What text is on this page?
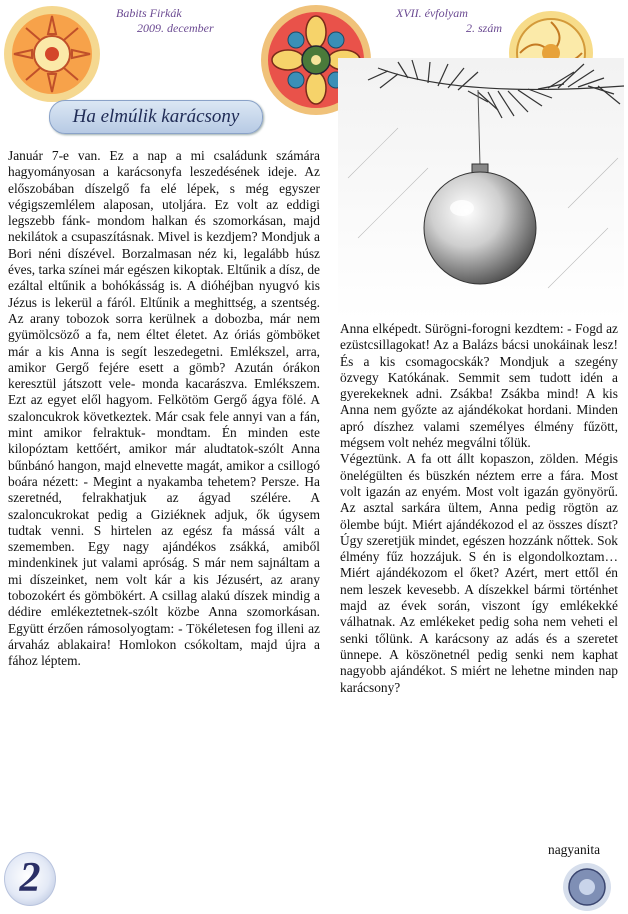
Babits Firkák
2009. december
XVII. évfolyam
2. szám
Ha elmúlik karácsony

Január 7-e van. Ez a nap a mi családunk számára hagyományosan a karácsonyfa leszedésének ideje. Az előszobában díszelgő fa elé lépek, s még egyszer végigszemlélem alaposan, utoljára. Ez volt az eddigi legszebb fánk- mondom halkan és szomorkásan, majd nekilátok a csupaszításnak. Mivel is kezdjem? Mondjuk a Bori néni díszével. Borzalmasan néz ki, legalább húsz éves, tarka színei már egészen kikoptak. Eltűnik a dísz, de ezáltal eltűnik a bohókásság is. A dióhéjban nyugvó kis Jézus is lekerül a fáról. Eltűnik a meghittség, a szentség. Az arany tobozok sorra kerülnek a dobozba, már nem gyümölcsöző a fa, nem éltet életet. Az óriás gömböket már a kis Anna is segít leszedegetni. Emlékszel, arra, amikor Gergő fejére esett a gömb? Azután órákon keresztül játszott vele- monda kacarászva. Emlékszem. Ezt az egyet elől hagyom. Felkötöm Gergő ágya fölé. A szaloncukrok következtek. Már csak fele annyi van a fán, mint amikor felraktuk- mondtam. Én minden este kilopóztam kettőért, amikor már aludtatok-szólt Anna bűnbánó hangon, majd elnevette magát, amikor a csillogó boára nézett: - Megint a nyakamba tehetem? Persze. Ha szeretnéd, felrakhatjuk az ágyad szélére. A szaloncukrokat pedig a Giziéknek adjuk, ők úgysem tudtak venni. S hirtelen az egész fa mássá vált a szememben. Egy nagy ajándékos zsákká, amiből mindenkinek jut valami apróság. S már nem sajnáltam a mi díszeinket, nem volt kár a kis Jézusért, az arany tobozokért és gömbökért. A csillag alakú díszek mindig a dédire emlékeztetnek-szólt közbe Anna szomorkásan. Együtt érzően rámosolyogtam: - Tökéletesen fog illeni az árvaház ablakaira! Homlokon csókoltam, majd újra a fához léptem.

Anna elképedt. Sürögni-forogni kezdtem: - Fogd az ezüstcsillagokat! Az a Balázs bácsi unokáinak lesz! És a kis csomagocskák? Mondjuk a szegény özvegy Katókának. Semmit sem tudott idén a gyerekeknek adni. Zsákba! Zsákba mind! A kis Anna nem győzte az ajándékokat hordani. Minden apró díszhez valami személyes élmény fűzött, mégsem volt nehéz megválni tőlük.

Végeztünk. A fa ott állt kopaszon, zölden. Mégis önelégülten és büszkén néztem erre a fára. Most volt igazán az enyém. Most volt igazán gyönyörű. Az asztal sarkára ültem, Anna pedig rögtön az ölembe bújt. Miért ajándékozod el az összes díszt? Úgy szeretjük mindet, egészen hozzánk nőttek. Sok élmény fűz hozzájuk. S én is elgondolkoztam… Miért ajándékozom el őket? Azért, mert ettől én nem leszek kevesebb. A díszekkel bármi történhet majd az évek során, viszont így emlékekké válhatnak. Az emlékeket pedig soha nem veheti el senki tőlünk. A karácsony az adás és a szeretet ünnepe. A köszönetnél pedig senki nem kaphat nagyobb ajándékot. S miért ne lehetne minden nap karácsony?

nagyanita
2
